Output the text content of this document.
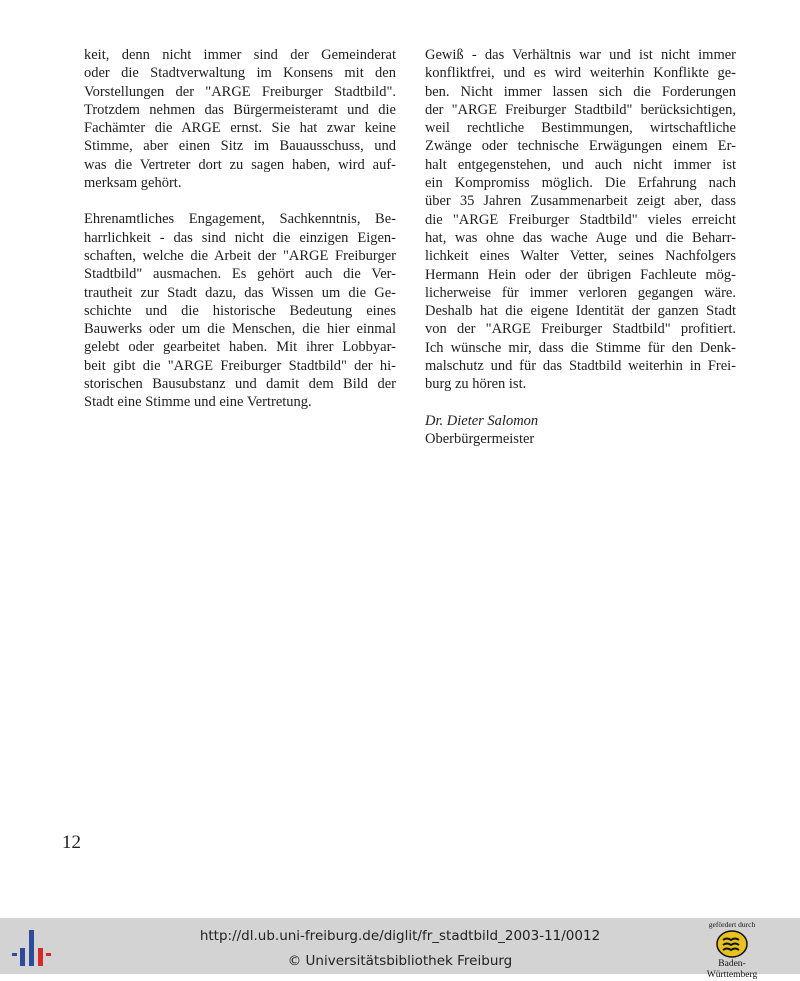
keit, denn nicht immer sind der Gemeinderat
oder die Stadtverwaltung im Konsens mit den
Vorstellungen der "ARGE Freiburger Stadtbild".
Trotzdem nehmen das Bürgermeisteramt und die
Fachämter die ARGE ernst. Sie hat zwar keine
Stimme, aber einen Sitz im Bauausschuss, und
was die Vertreter dort zu sagen haben, wird auf-
merksam gehört.
Ehrenamtliches Engagement, Sachkenntnis, Be-
harrlichkeit - das sind nicht die einzigen Eigen-
schaften, welche die Arbeit der "ARGE Freiburger
Stadtbild" ausmachen. Es gehört auch die Ver-
trautheit zur Stadt dazu, das Wissen um die Ge-
schichte und die historische Bedeutung eines
Bauwerks oder um die Menschen, die hier einmal
gelebt oder gearbeitet haben. Mit ihrer Lobbyar-
beit gibt die "ARGE Freiburger Stadtbild" der hi-
storischen Bausubstanz und damit dem Bild der
Stadt eine Stimme und eine Vertretung.
Gewiß - das Verhältnis war und ist nicht immer
konfliktfrei, und es wird weiterhin Konflikte ge-
ben. Nicht immer lassen sich die Forderungen
der "ARGE Freiburger Stadtbild" berücksichtigen,
weil rechtliche Bestimmungen, wirtschaftliche
Zwänge oder technische Erwägungen einem Er-
halt entgegenstehen, und auch nicht immer ist
ein Kompromiss möglich. Die Erfahrung nach
über 35 Jahren Zusammenarbeit zeigt aber, dass
die "ARGE Freiburger Stadtbild" vieles erreicht
hat, was ohne das wache Auge und die Beharr-
lichkeit eines Walter Vetter, seines Nachfolgers
Hermann Hein oder der übrigen Fachleute mög-
licherweise für immer verloren gegangen wäre.
Deshalb hat die eigene Identität der ganzen Stadt
von der "ARGE Freiburger Stadtbild" profitiert.
Ich wünsche mir, dass die Stimme für den Denk-
malschutz und für das Stadtbild weiterhin in Frei-
burg zu hören ist.
Dr. Dieter Salomon
Oberbürgermeister
12
http://dl.ub.uni-freiburg.de/diglit/fr_stadtbild_2003-11/0012
© Universitätsbibliothek Freiburg
gefördert durch
Baden-Württemberg
